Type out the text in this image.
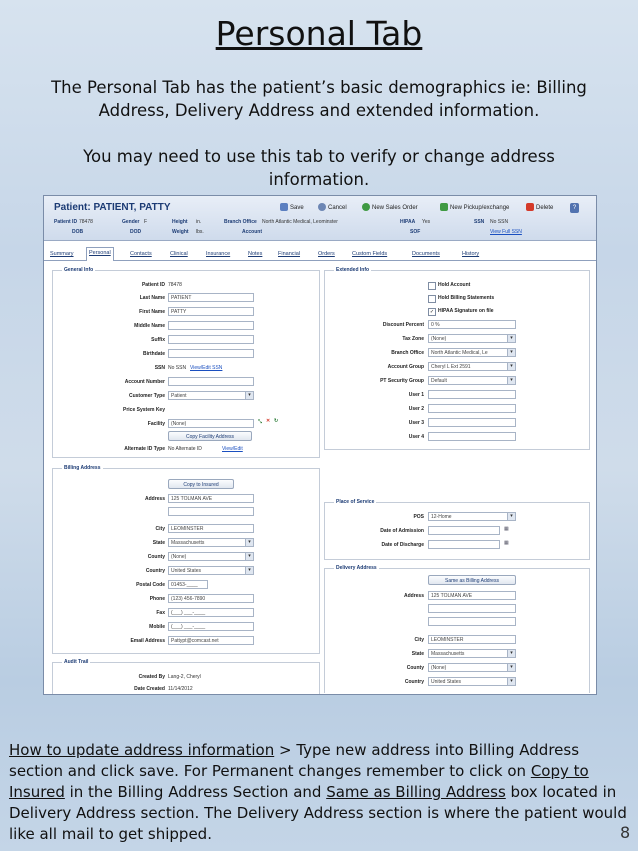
Personal Tab
The Personal Tab has the patient’s basic demographics ie: Billing Address, Delivery Address and extended information.
You may need to use this tab to verify or change address information.
Patient: PATIENT, PATTY	Save	Cancel	New Sales Order	New Pickup/exchange	Delete	?
Patient ID 78478
DOB
Gender F
DOD
Height in.
Weight lbs.
Branch Office North Atlantic Medical, Leominster
Account
HIPAA Yes
SOF
SSN No SSN
View Full SSN
Summary	Personal	Contacts	Clinical	Insurance	Notes	Financial	Orders	Custom Fields	Documents	History
General Info
Patient ID 78478
Last Name	PATIENT
First Name	PATTY
Middle Name
Suffix
Birthdate
SSN No SSN View/Edit SSN
Account Number
Customer Type	Patient	▾
Price System Key
Facility	(None)	⤡ ✕ ↻
Copy Facility Address
Alternate ID Type No Alternate ID	View/Edit
Extended Info
Hold Account
Hold Billing Statements
✓ HIPAA Signature on file
Discount Percent	0 %
Tax Zone	(None)	▾
Branch Office	North Atlantic Medical, Le	▾
Account Group	Cheryl L Ext 2591	▾
PT Security Group	Default	▾
User 1
User 2
User 3
User 4
Billing Address
Copy to Insured
Address	125 TOLMAN AVE
City	LEOMINSTER
State	Massachusetts	▾
County	(None)	▾
Country	United States	▾
Postal Code	01453-____
Phone	(123) 456-7890
Fax	(___) ___-____
Mobile	(___) ___-____
Email Address	Pattypt@comcast.net
Place of Service
POS	12-Home	▾
Date of Admission	▦
Date of Discharge	▦
Delivery Address
Same as Billing Address
Address	125 TOLMAN AVE
City	LEOMINSTER
State	Massachusetts	▾
County	(None)	▾
Country	United States	▾
Audit Trail
Created By Lang-2, Cheryl
Date Created 11/14/2012
How to update address information > Type new address into Billing Address section and click save. For Permanent changes remember to click on Copy to Insured in the Billing Address Section and Same as Billing Address box located in Delivery Address section. The Delivery Address section is where the patient would like all mail to get shipped.	8
